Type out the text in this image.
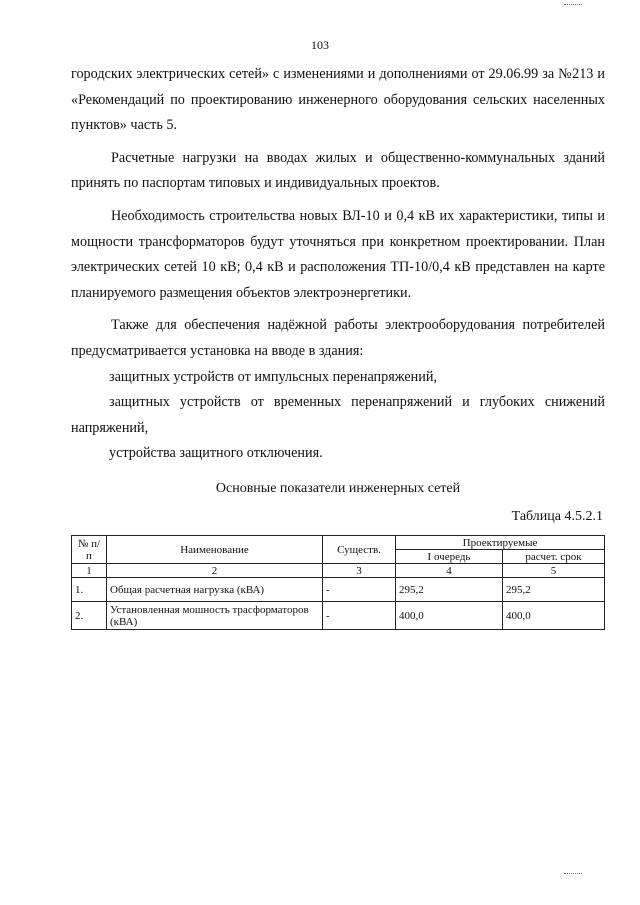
103

городских электрических сетей» с изменениями и дополнениями от 29.06.99 за №213 и «Рекомендаций по проектированию инженерного оборудования сельских населенных пунктов» часть 5.

Расчетные нагрузки на вводах жилых и общественно-коммунальных зданий принять по паспортам типовых и индивидуальных проектов.

Необходимость строительства новых ВЛ-10 и 0,4 кВ их характеристики, типы и мощности трансформаторов будут уточняться при конкретном проектировании. План электрических сетей 10 кВ; 0,4 кВ и расположения ТП-10/0,4 кВ представлен на карте планируемого размещения объектов электроэнергетики.

Также для обеспечения надёжной работы электрооборудования потребителей предусматривается установка на вводе в здания:

защитных устройств от импульсных перенапряжений,

защитных устройств от временных перенапряжений и глубоких снижений напряжений,

устройства защитного отключения.

Основные показатели инженерных сетей
Таблица 4.5.2.1
№ п/п	Наименование	Существ.	Проектируемые	
			I очередь	расчет. срок
1	2	3	4	5
1.	Общая расчетная нагрузка (кВА)	-	295,2	295,2
2.	Установленная мошность трасформаторов (кВА)	-	400,0	400,0
